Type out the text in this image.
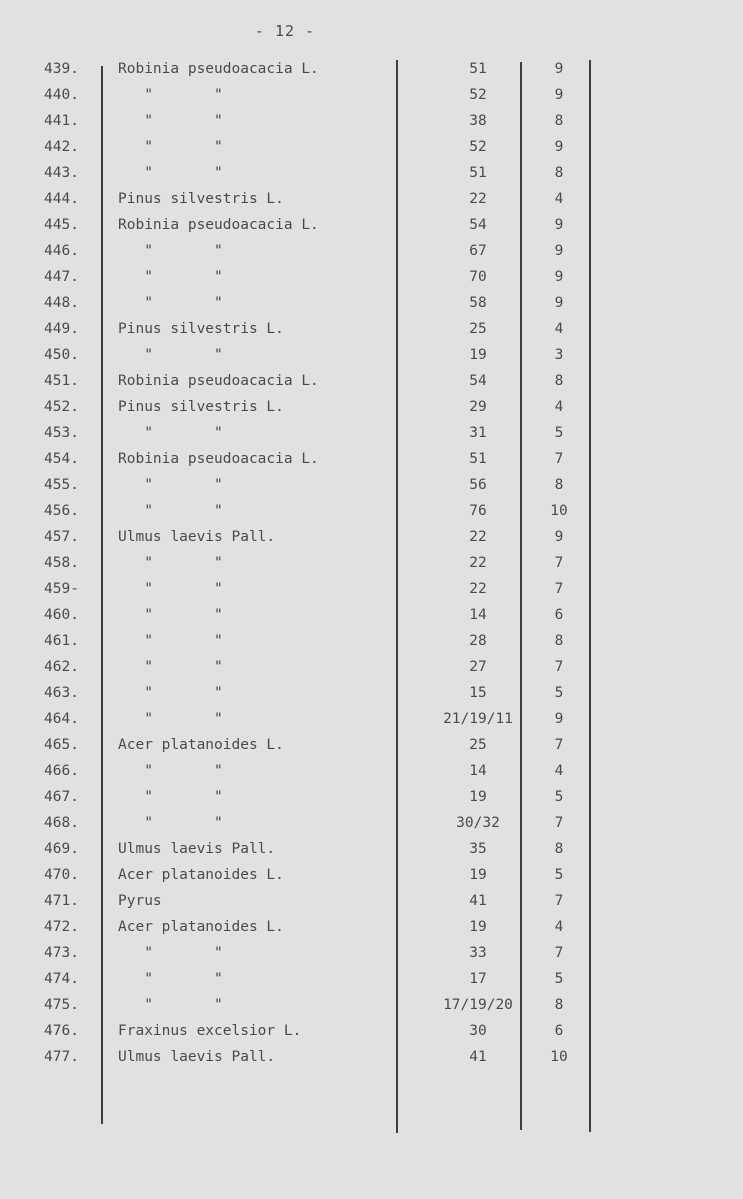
- 12 -
439.	Robinia pseudoacacia L.	51	9
440.	"       "	52	9
441.	"       "	38	8
442.	"       "	52	9
443.	"       "	51	8
444.	Pinus silvestris L.	22	4
445.	Robinia pseudoacacia L.	54	9
446.	"       "	67	9
447.	"       "	70	9
448.	"       "	58	9
449.	Pinus silvestris L.	25	4
450.	"       "	19	3
451.	Robinia pseudoacacia L.	54	8
452.	Pinus silvestris L.	29	4
453.	"       "	31	5
454.	Robinia pseudoacacia L.	51	7
455.	"       "	56	8
456.	"       "	76	10
457.	Ulmus laevis Pall.	22	9
458.	"       "	22	7
459-	"       "	22	7
460.	"       "	14	6
461.	"       "	28	8
462.	"       "	27	7
463.	"       "	15	5
464.	"       "	21/19/11	9
465.	Acer platanoides L.	25	7
466.	"       "	14	4
467.	"       "	19	5
468.	"       "	30/32	7
469.	Ulmus laevis Pall.	35	8
470.	Acer platanoides L.	19	5
471.	Pyrus	41	7
472.	Acer platanoides L.	19	4
473.	"       "	33	7
474.	"       "	17	5
475.	"       "	17/19/20	8
476.	Fraxinus excelsior L.	30	6
477.	Ulmus laevis Pall.	41	10
